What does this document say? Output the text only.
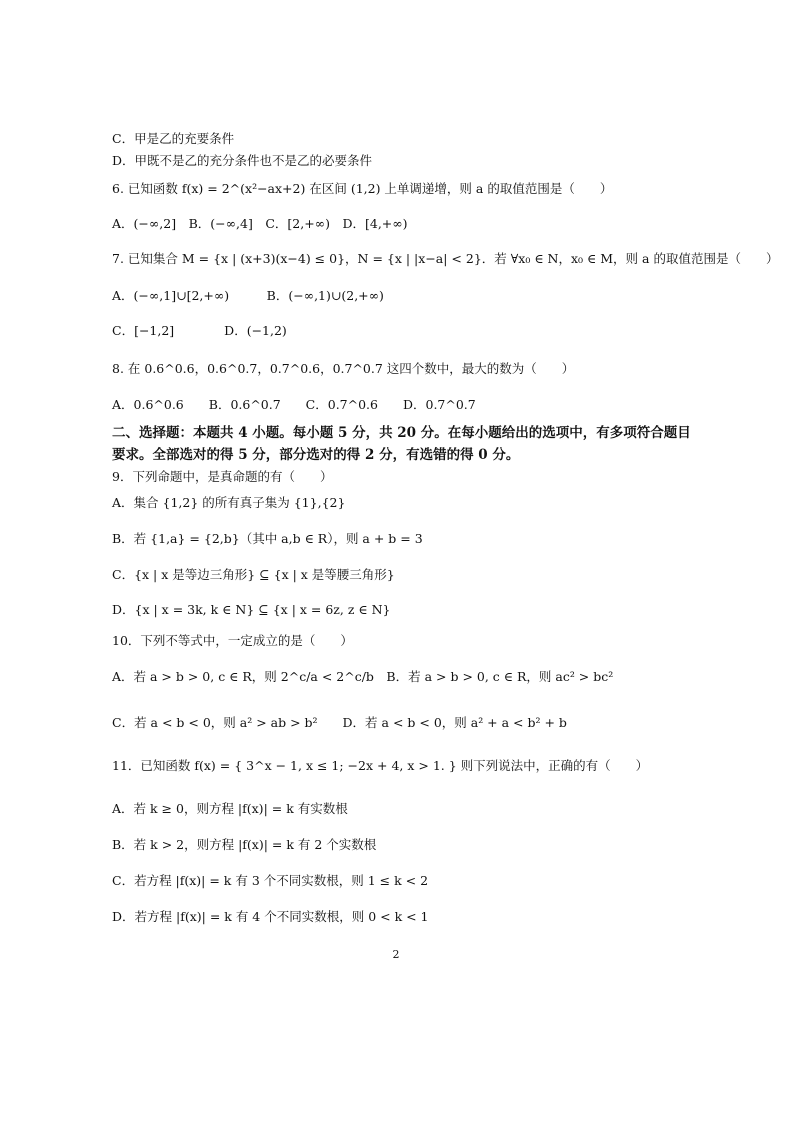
C．甲是乙的充要条件
D．甲既不是乙的充分条件也不是乙的必要条件
6. 已知函数 f(x) = 2^(x²−ax+2) 在区间 (1,2) 上单调递增，则 a 的取值范围是（　　）
A．(−∞,2]　B．(−∞,4]　C．[2,+∞)　D．[4,+∞)
7. 已知集合 M = {x | (x+3)(x−4) ≤ 0}，N = {x | |x−a| < 2}．若 ∀x₀ ∈ N，x₀ ∈ M，则 a 的取值范围是（　　）
A．(−∞,1]∪[2,+∞)　　　B．(−∞,1)∪(2,+∞)
C．[−1,2]　　　　D．(−1,2)
8. 在 0.6^0.6，0.6^0.7，0.7^0.6，0.7^0.7 这四个数中，最大的数为（　　）
A．0.6^0.6　　B．0.6^0.7　　C．0.7^0.6　　D．0.7^0.7
二、选择题：本题共 4 小题。每小题 5 分，共 20 分。在每小题给出的选项中，有多项符合题目
要求。全部选对的得 5 分，部分选对的得 2 分，有选错的得 0 分。
9．下列命题中，是真命题的有（　　）
A．集合 {1,2} 的所有真子集为 {1},{2}
B．若 {1,a} = {2,b}（其中 a,b ∈ R），则 a + b = 3
C．{x | x 是等边三角形} ⊆ {x | x 是等腰三角形}
D．{x | x = 3k, k ∈ N} ⊆ {x | x = 6z, z ∈ N}
10．下列不等式中，一定成立的是（　　）
A．若 a > b > 0, c ∈ R，则 2^c/a < 2^c/b　B．若 a > b > 0, c ∈ R，则 ac² > bc²
C．若 a < b < 0，则 a² > ab > b²　　D．若 a < b < 0，则 a² + a < b² + b
11．已知函数 f(x) = { 3^x − 1, x ≤ 1; −2x + 4, x > 1. } 则下列说法中，正确的有（　　）
A．若 k ≥ 0，则方程 |f(x)| = k 有实数根
B．若 k > 2，则方程 |f(x)| = k 有 2 个实数根
C．若方程 |f(x)| = k 有 3 个不同实数根，则 1 ≤ k < 2
D．若方程 |f(x)| = k 有 4 个不同实数根，则 0 < k < 1
2
